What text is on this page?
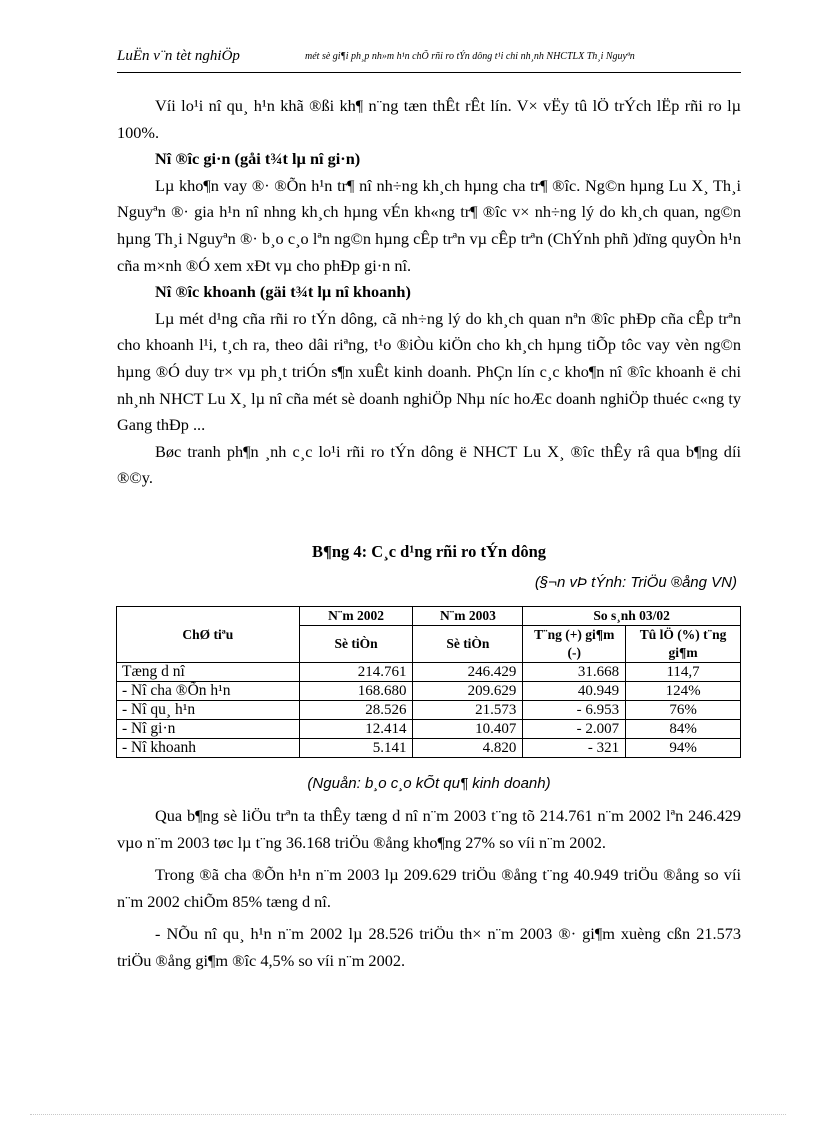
LuËn v¨n tèt nghiÖp	mét sè gi¶i ph¸p nh»m h¹n chÕ rñi ro tÝn dông t¹i chi nh¸nh NHCTLX Th¸i Nguyªn

Víi lo¹i nî qu¸ h¹n khã ®ßi kh¶ n¨ng tæn thÊt rÊt lín. V× vËy tû lÖ trÝch lËp rñi ro lµ 100%.

Nî ®îc gi·n (gåi t¾t lµ nî gi·n)

Lµ kho¶n vay ®· ®Õn h¹n tr¶ nî nh÷ng kh¸ch hµng cha tr¶ ®îc. Ng©n hµng Lu X¸ Th¸i Nguyªn ®· gia h¹n nî nhng kh¸ch hµng vÉn kh«ng tr¶ ®îc v× nh÷ng lý do kh¸ch quan, ng©n hµng Th¸i Nguyªn ®· b¸o c¸o lªn ng©n hµng cÊp trªn vµ cÊp trªn (ChÝnh phñ )dïng quyÒn h¹n cña m×nh ®Ó xem xÐt vµ cho phÐp gi·n nî.

Nî ®îc khoanh (gäi t¾t lµ nî khoanh)

Lµ mét d¹ng cña rñi ro tÝn dông, cã nh÷ng lý do kh¸ch quan nªn ®îc phÐp cña cÊp trªn cho khoanh l¹i, t¸ch ra, theo dâi riªng, t¹o ®iÒu kiÖn cho kh¸ch hµng tiÕp tôc vay vèn ng©n hµng ®Ó duy tr× vµ ph¸t triÓn s¶n xuÊt kinh doanh. PhÇn lín c¸c kho¶n nî ®îc khoanh ë chi nh¸nh NHCT Lu X¸ lµ nî cña mét sè doanh nghiÖp Nhµ níc hoÆc doanh nghiÖp thuéc c«ng ty Gang thÐp ...

Bøc tranh ph¶n ¸nh c¸c lo¹i rñi ro tÝn dông ë NHCT Lu X¸ ®îc thÊy râ qua b¶ng díi ®©y.

B¶ng 4: C¸c d¹ng rñi ro tÝn dông
(§¬n vÞ tÝnh: TriÖu ®ång VN)
ChØ tiªu	N¨m 2002	N¨m 2003	So s¸nh 03/02	
	Sè tiÒn	Sè tiÒn	T¨ng (+) gi¶m (-)	Tû lÖ (%) t¨ng gi¶m
Tæng d nî	214.761	246.429	31.668	114,7
- Nî cha ®Õn h¹n	168.680	209.629	40.949	124%
- Nî qu¸ h¹n	28.526	21.573	- 6.953	76%
- Nî gi·n	12.414	10.407	- 2.007	84%
- Nî khoanh	5.141	4.820	- 321	94%
(Nguån: b¸o c¸o kÕt qu¶ kinh doanh)

Qua b¶ng sè liÖu trªn ta thÊy tæng d nî n¨m 2003 t¨ng tõ 214.761 n¨m 2002 lªn 246.429 vµo n¨m 2003 tøc lµ t¨ng 36.168 triÖu ®ång kho¶ng 27% so víi n¨m 2002.

Trong ®ã cha ®Õn h¹n n¨m 2003 lµ 209.629 triÖu ®ång t¨ng 40.949 triÖu ®ång so víi n¨m 2002 chiÕm 85% tæng d nî.

- NÕu nî qu¸ h¹n n¨m 2002 lµ 28.526 triÖu th× n¨m 2003 ®· gi¶m xuèng cßn 21.573 triÖu ®ång gi¶m ®îc 4,5% so víi n¨m 2002.
